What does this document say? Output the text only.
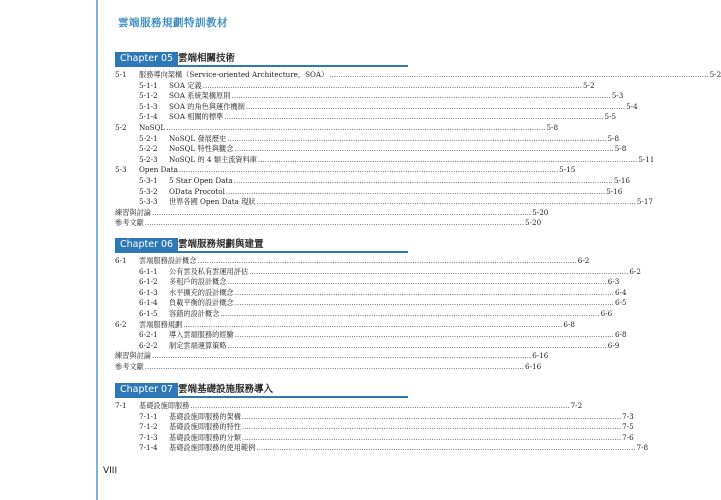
雲端服務規劃特訓教材
Chapter 05 雲端相關技術
5-1	服務導向架構（Service-oriented Architecture，SOA） .....	5-2
5-1-1	SOA 定義 .....	5-2
5-1-2	SOA 系統架構原則 .....	5-3
5-1-3	SOA 的角色與運作機制 .....	5-4
5-1-4	SOA 相關的標準 .....	5-5
5-2	NoSQL .....	5-8
5-2-1	NoSQL 發展歷史 .....	5-8
5-2-2	NoSQL 特性與觀念 .....	5-8
5-2-3	NoSQL 的 4 類主流資料庫 .....	5-11
5-3	Open Data .....	5-15
5-3-1	5 Star Open Data .....	5-16
5-3-2	OData Procotol .....	5-16
5-3-3	世界各國 Open Data 現狀 .....	5-17
練習與討論 .....	5-20
參考文獻 .....	5-20
Chapter 06 雲端服務規劃與建置
6-1	雲端服務設計概念 .....	6-2
6-1-1	公有雲及私有雲運用評估 .....	6-2
6-1-2	多租戶的設計概念 .....	6-3
6-1-3	水平擴充的設計概念 .....	6-4
6-1-4	負載平衡的設計概念 .....	6-5
6-1-5	容錯的設計概念 .....	6-6
6-2	雲端服務規劃 .....	6-8
6-2-1	導入雲端服務的經驗 .....	6-8
6-2-2	制定雲端運算策略 .....	6-9
練習與討論 .....	6-16
參考文獻 .....	6-16
Chapter 07 雲端基礎設施服務導入
7-1	基礎設施即服務 .....	7-2
7-1-1	基礎設施即服務的架構 .....	7-3
7-1-2	基礎設施即服務的特性 .....	7-5
7-1-3	基礎設施即服務的分類 .....	7-6
7-1-4	基礎設施即服務的使用範例 .....	7-8
VIII
